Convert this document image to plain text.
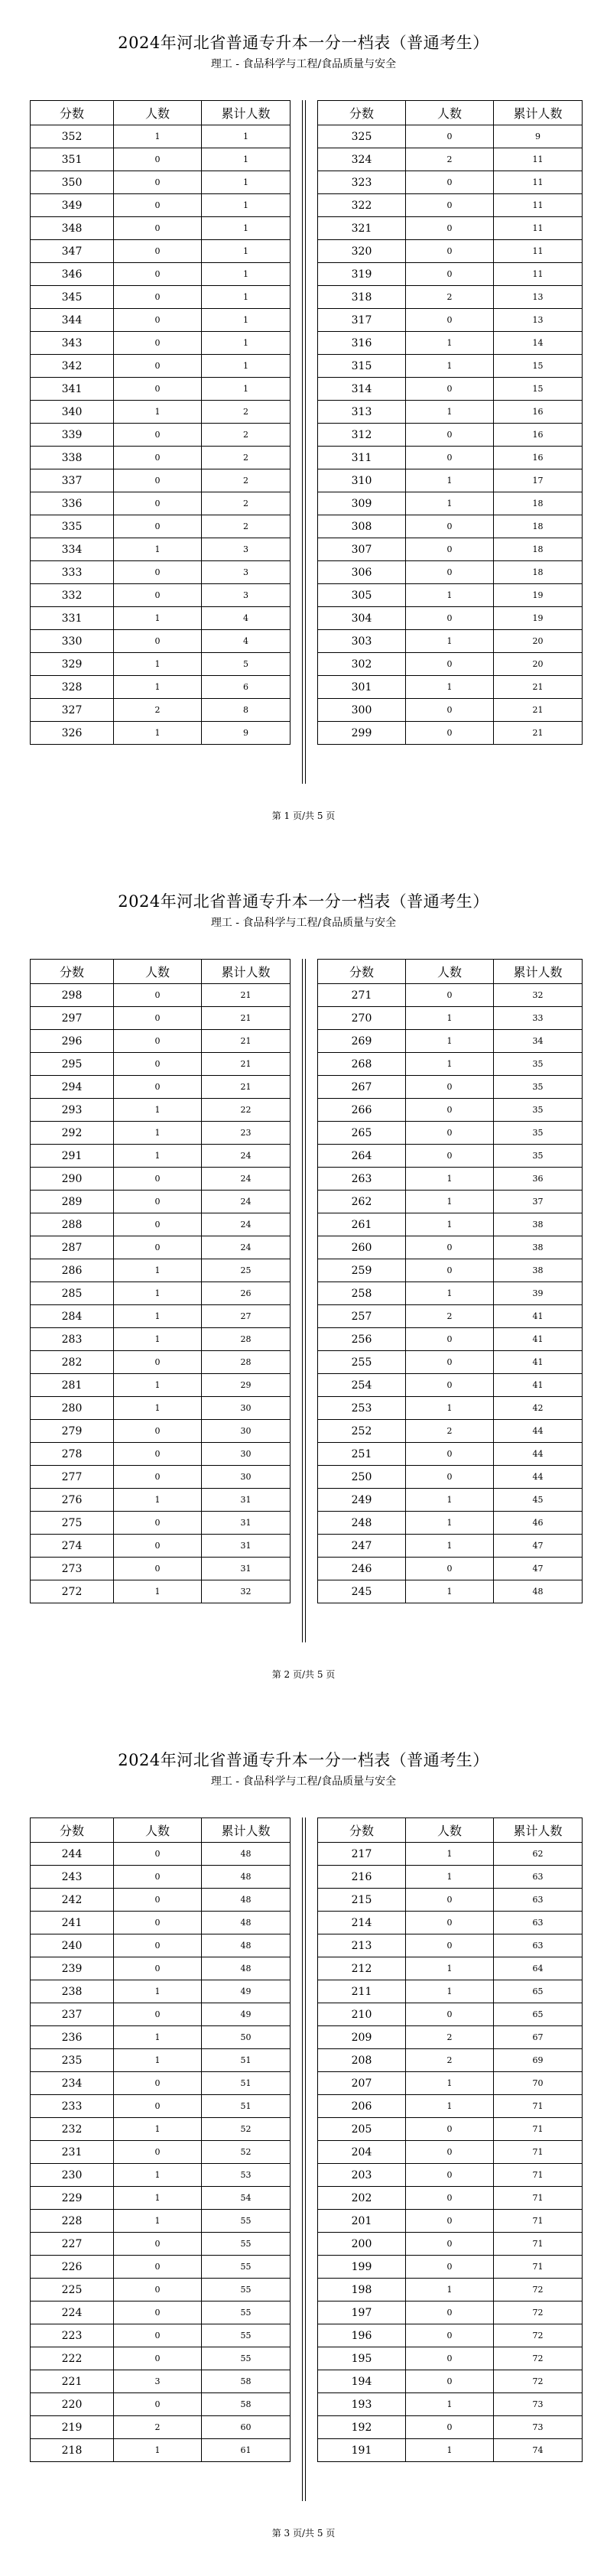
2024年河北省普通专升本一分一档表（普通考生）
理工 - 食品科学与工程/食品质量与安全
分数	人数	累计人数
352	1	1
351	0	1
350	0	1
349	0	1
348	0	1
347	0	1
346	0	1
345	0	1
344	0	1
343	0	1
342	0	1
341	0	1
340	1	2
339	0	2
338	0	2
337	0	2
336	0	2
335	0	2
334	1	3
333	0	3
332	0	3
331	1	4
330	0	4
329	1	5
328	1	6
327	2	8
326	1	9
分数	人数	累计人数
325	0	9
324	2	11
323	0	11
322	0	11
321	0	11
320	0	11
319	0	11
318	2	13
317	0	13
316	1	14
315	1	15
314	0	15
313	1	16
312	0	16
311	0	16
310	1	17
309	1	18
308	0	18
307	0	18
306	0	18
305	1	19
304	0	19
303	1	20
302	0	20
301	1	21
300	0	21
299	0	21
第 1 页/共 5 页
2024年河北省普通专升本一分一档表（普通考生）
理工 - 食品科学与工程/食品质量与安全
分数	人数	累计人数
298	0	21
297	0	21
296	0	21
295	0	21
294	0	21
293	1	22
292	1	23
291	1	24
290	0	24
289	0	24
288	0	24
287	0	24
286	1	25
285	1	26
284	1	27
283	1	28
282	0	28
281	1	29
280	1	30
279	0	30
278	0	30
277	0	30
276	1	31
275	0	31
274	0	31
273	0	31
272	1	32
分数	人数	累计人数
271	0	32
270	1	33
269	1	34
268	1	35
267	0	35
266	0	35
265	0	35
264	0	35
263	1	36
262	1	37
261	1	38
260	0	38
259	0	38
258	1	39
257	2	41
256	0	41
255	0	41
254	0	41
253	1	42
252	2	44
251	0	44
250	0	44
249	1	45
248	1	46
247	1	47
246	0	47
245	1	48
第 2 页/共 5 页
2024年河北省普通专升本一分一档表（普通考生）
理工 - 食品科学与工程/食品质量与安全
分数	人数	累计人数
244	0	48
243	0	48
242	0	48
241	0	48
240	0	48
239	0	48
238	1	49
237	0	49
236	1	50
235	1	51
234	0	51
233	0	51
232	1	52
231	0	52
230	1	53
229	1	54
228	1	55
227	0	55
226	0	55
225	0	55
224	0	55
223	0	55
222	0	55
221	3	58
220	0	58
219	2	60
218	1	61
分数	人数	累计人数
217	1	62
216	1	63
215	0	63
214	0	63
213	0	63
212	1	64
211	1	65
210	0	65
209	2	67
208	2	69
207	1	70
206	1	71
205	0	71
204	0	71
203	0	71
202	0	71
201	0	71
200	0	71
199	0	71
198	1	72
197	0	72
196	0	72
195	0	72
194	0	72
193	1	73
192	0	73
191	1	74
第 3 页/共 5 页
